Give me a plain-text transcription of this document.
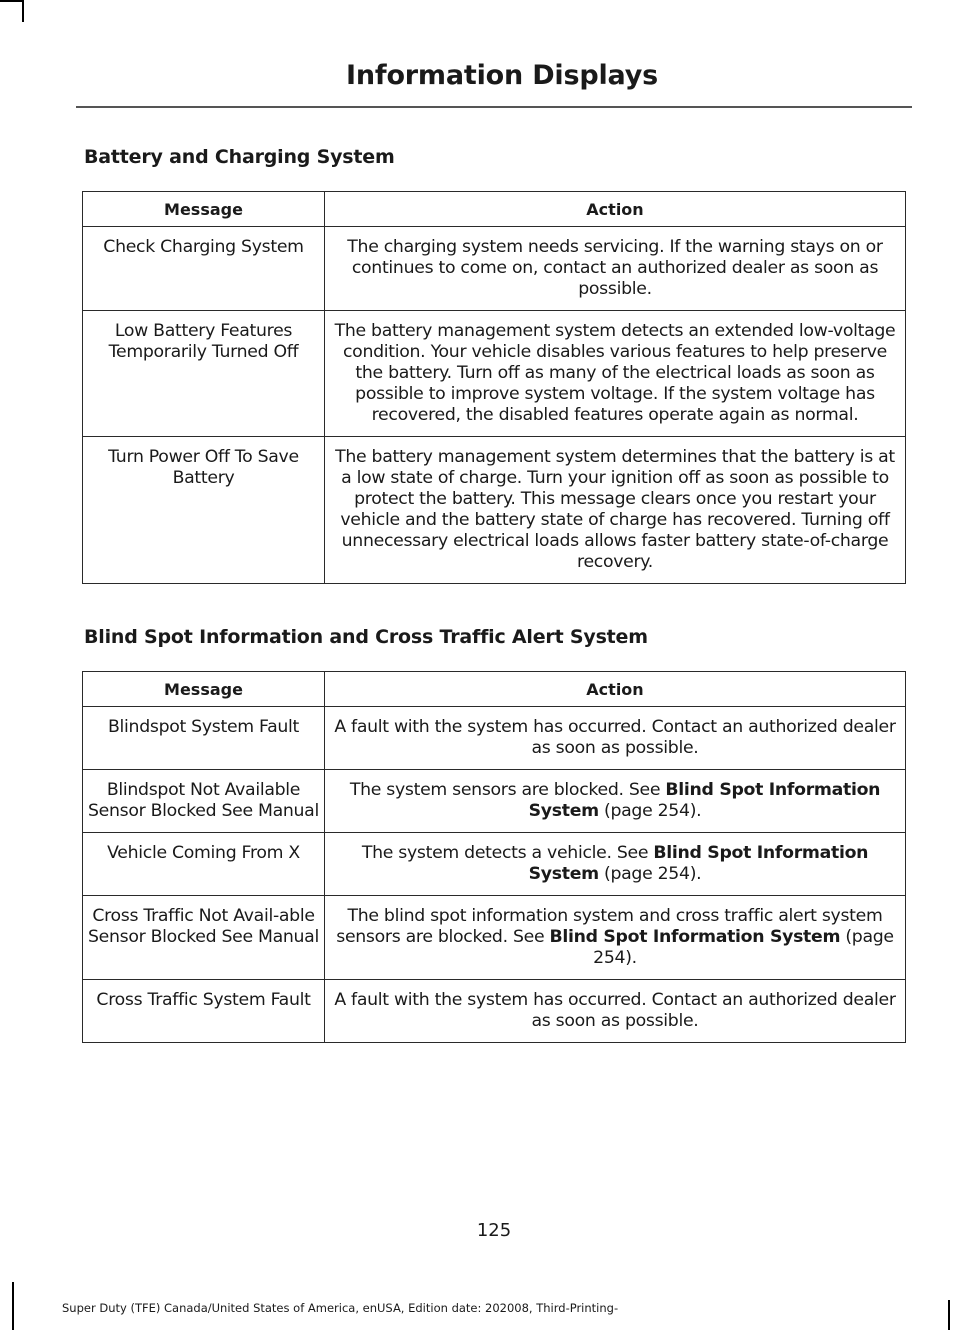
Information Displays
Battery and Charging System
Message	Action
Check Charging System	The charging system needs servicing. If the warning stays on or continues to come on, contact an authorized dealer as soon as possible.
Low Battery Features Temporarily Turned Off	The battery management system detects an extended low-voltage condition. Your vehicle disables various features to help preserve the battery. Turn off as many of the electrical loads as soon as possible to improve system voltage. If the system voltage has recovered, the disabled features operate again as normal.
Turn Power Off To Save Battery	The battery management system determines that the battery is at a low state of charge. Turn your ignition off as soon as possible to protect the battery. This message clears once you restart your vehicle and the battery state of charge has recovered. Turning off unnecessary electrical loads allows faster battery state-of-charge recovery.
Blind Spot Information and Cross Traffic Alert System
Message	Action
Blindspot System Fault	A fault with the system has occurred. Contact an authorized dealer as soon as possible.
Blindspot Not Available Sensor Blocked See Manual	The system sensors are blocked. See Blind Spot Information System (page 254).
Vehicle Coming From X	The system detects a vehicle. See Blind Spot Information System (page 254).
Cross Traffic Not Avail-able Sensor Blocked See Manual	The blind spot information system and cross traffic alert system sensors are blocked. See Blind Spot Information System (page 254).
Cross Traffic System Fault	A fault with the system has occurred. Contact an authorized dealer as soon as possible.
125
Super Duty (TFE) Canada/United States of America, enUSA, Edition date: 202008, Third-Printing-
